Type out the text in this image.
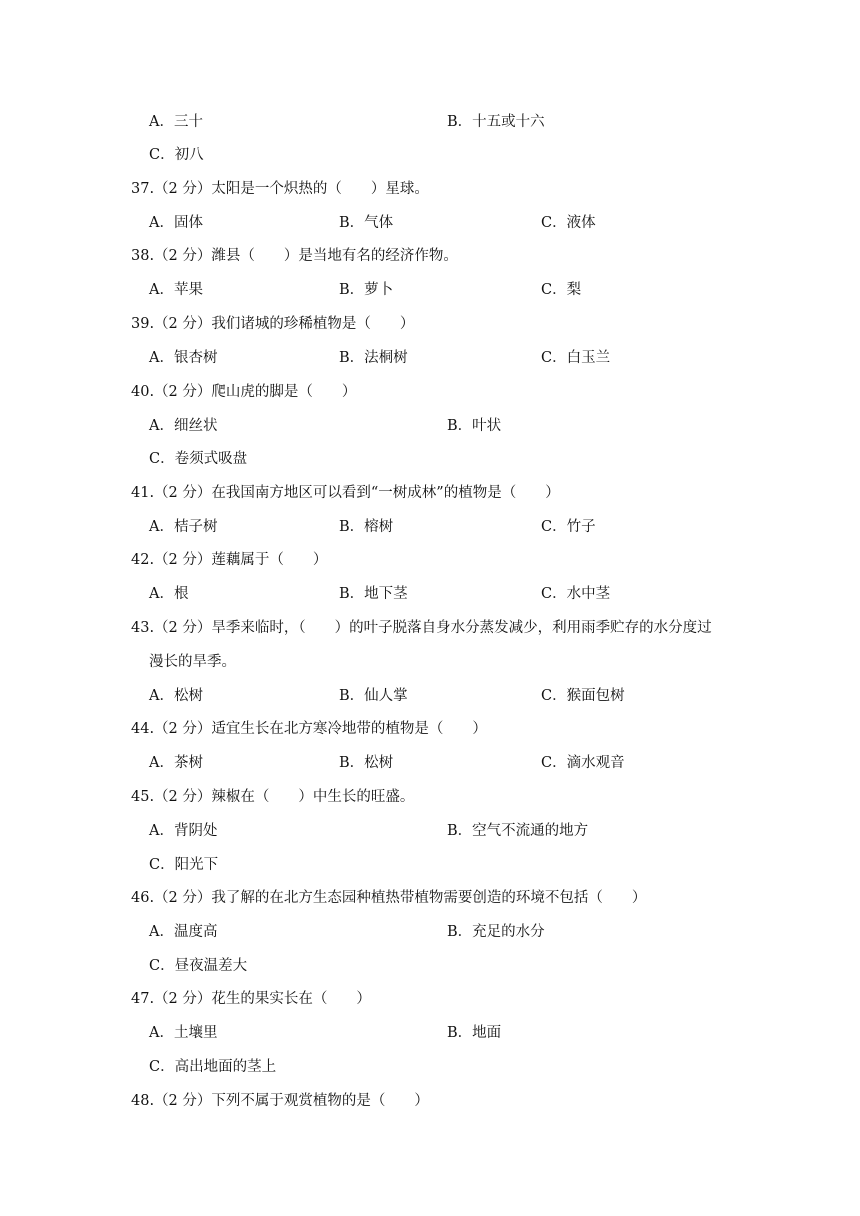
A．三十	B．十五或十六
C．初八
37.（2 分）太阳是一个炽热的（　　）星球。
A．固体	B．气体	C．液体
38.（2 分）潍县（　　）是当地有名的经济作物。
A．苹果	B．萝卜	C．梨
39.（2 分）我们诸城的珍稀植物是（　　）
A．银杏树	B．法桐树	C．白玉兰
40.（2 分）爬山虎的脚是（　　）
A．细丝状	B．叶状
C．卷须式吸盘
41.（2 分）在我国南方地区可以看到“一树成林”的植物是（　　）
A．桔子树	B．榕树	C．竹子
42.（2 分）莲藕属于（　　）
A．根	B．地下茎	C．水中茎
43.（2 分）旱季来临时，（　　）的叶子脱落自身水分蒸发减少，利用雨季贮存的水分度过
漫长的旱季。
A．松树	B．仙人掌	C．猴面包树
44.（2 分）适宜生长在北方寒冷地带的植物是（　　）
A．茶树	B．松树	C．滴水观音
45.（2 分）辣椒在（　　）中生长的旺盛。
A．背阴处	B．空气不流通的地方
C．阳光下
46.（2 分）我了解的在北方生态园种植热带植物需要创造的环境不包括（　　）
A．温度高	B．充足的水分
C．昼夜温差大
47.（2 分）花生的果实长在（　　）
A．土壤里	B．地面
C．高出地面的茎上
48.（2 分）下列不属于观赏植物的是（　　）
